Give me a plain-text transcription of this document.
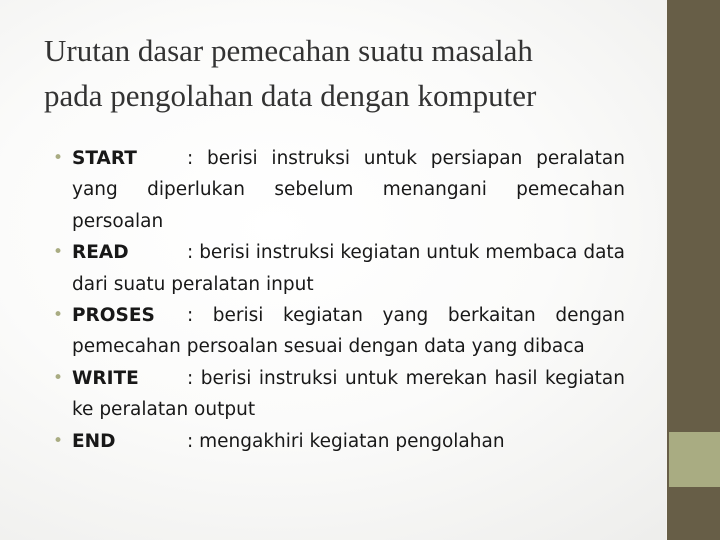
Urutan dasar pemecahan suatu masalah
pada pengolahan data dengan komputer
• START	: berisi instruksi untuk persiapan peralatan yang diperlukan sebelum menangani pemecahan persoalan
• READ	: berisi instruksi kegiatan untuk membaca data dari suatu peralatan input
• PROSES : berisi kegiatan yang berkaitan dengan pemecahan persoalan sesuai dengan data yang dibaca
• WRITE	: berisi instruksi untuk merekan hasil kegiatan ke peralatan output
• END	: mengakhiri kegiatan pengolahan
